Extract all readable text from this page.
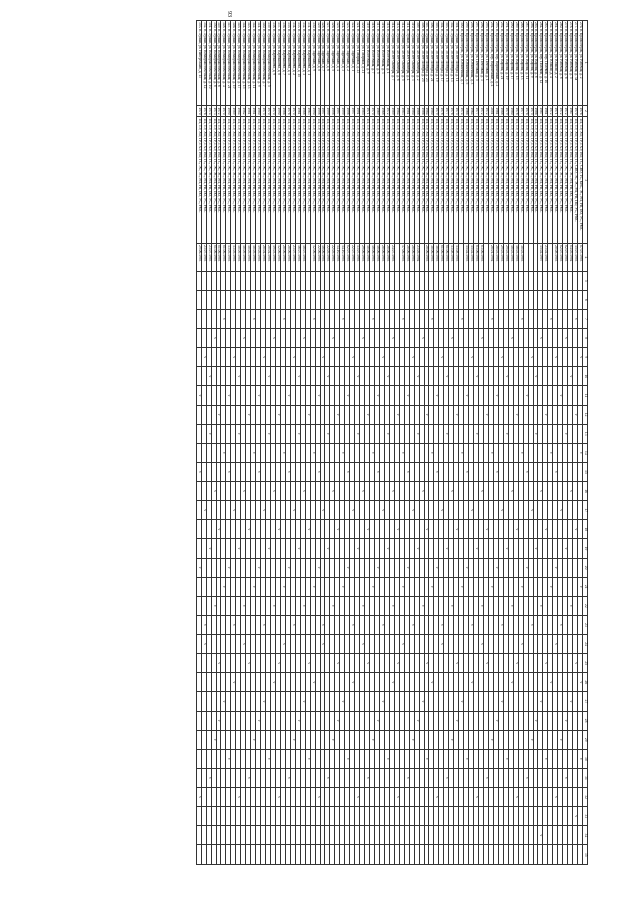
93
1	2	3	4	5	6	7	8	9	10	11	12	13	14	15	16	17	18	19	20	21	22	23	24	25	26	27	28	29	30	31	32	33	34	35
276. п. Краснозерск, ул. Рабочая, д. 2	1976	ТП, ТЭ, ХО, ГР, ГХЭ, ВО, ГС, СВО, ТС, КВС, ЭС, РП, РВ, ПО, УС, РМС	07.07.1993					v					v							v					v				v					
277. п. Краснозерск, ул. Рабочая, д. 3а	1970	ТП, ТЭ, ХО, ГР, ГХЭ, ВО, ГС, СВО, ЭС, ЭС, РП, РВ, ПО, УС, РМС	15.07.1993			v					v						v							v								v		
278. п. Краснозерск, ул. Рабочая, д. 5	1967	ТП, ТЭ, ХО, ГР, ГХЭ, ВО, ГС, ЭС, ЭС, РП, РВ, ПО, УС, РМС	04.05.1994						v						v						v					v								
279. п. Краснозерск, ул. Рабочая, д. 6	1972	ТП, ТЭ, ХО, ГР, ГХЭ, ВО, ГС, ЭС, ЭС, РП, РВ, ПО, УС, РМС	02.07.1993				v					v						v									v			v				
280. п. Краснозерск, ул. Рабочая, д. 8	1972	ТП, ТЭ, ХО, ГР, ГХЭ, ВО, ГС, ЭС, ЭС, РП, РВ, ПО, УС, РМС	02.07.1993							v						v						v						v						
281. п. Краснозерск, ул. Южная, д. 2	1971	ТП, ТЭ, ХО, ГР, ГХЭ, ВО, ГС, ЭС, ЭС, РП, РВ, ПО, УС, РМС	20.08.1993					v						v					v				v								v			
282. п. Краснозерск, ул. Южная, д. 4	1972	ТП, ТЭ, ХО, ГР, ГХЭ, ВО, ГС, ЭС, ЭС, РП, РВ, ПО, УС, РМС				v							v							v					v									
283. п. Краснозерск, пер. Полевой, д. 10	1981	ТП, ТЭ, ХО, ГР, ГХЭ, ВО, ГС, ЭС, ЭС, РП, РВ, ПО, УС, РМС	23.02.1993								v						v							v					v					
284. п. Краснозерск, пер. Полевой, д. 12	1987	ТП, ТЭ, ХО, ГР, ГХЭ, ВО, ГС, ЭС, ЭС, РП, РВ, ПО, УС, РМС	15.02.1997				v								v						v					v							v	
285. п. Краснозерск, ул. Кирова, д. 8	1986	ТП, ТЭ, ХО, ГР, ГХЭ, ВО, ГС, ЭС, ЭС, РП, РВ, ПО, УС, РМС							v			v						v									v							
286. п. Краснозерск, ул. Кирова, д. 9	1975	ТП, ТЭ, ХО, ГР, ГХЭ, ВО, ГС, ЭС, ЭС, РП, РВ, ПО, УС, РМС						v								v						v						v						
287. п. Краснозерск, ул. Кирова, д. 11	1976	ТП, ТЭ, ХО, ГР, ГХЭ, ВО, ГС, ЭС, ЭС, РП, РВ, ПО, УС, РМС								v				v					v											v				
288. п. Краснозерск, ул. Кирова, д. 13	1977	ТП, ТЭ, ХО, ГР, ГХЭ, ВО, ГС, ЭС, ЭС, РП, РВ, ПО, УС, РМС	30.03.1993			v							v							v			v											
289. п. Краснозерск, ул. Кирова, д. 15	1978	ТП, ТЭ, ХО, ГР, ГХЭ, ВО, ГС, ЭС, ЭС, РП, РВ, ПО, УС, РМС	18.03.1993								v						v							v							v			
290. п. Краснозерск, ул. Кирова, д. 17	1980	ТП, ТЭ, ХО, ГР, ГХЭ, ВО, ГС, ЭС, ЭС, РП, РВ, ПО, УС, РМС	18.03.1993				v								v						v				v									
291. п. Краснозерск, ул. Кирова, д. 19	1979	ТП, ТЭ, ХО, ГР, ГХЭ, ВО, ГС, ЭС, ЭС, РП, РВ, ПО, УС, РМС	29.03.1993						v			v						v											v					
292. п. Краснозерск, ул. Кирова, д. 21	1988	ТП, ТЭ, ХО, ГР, ГХЭ, ВО, ГС, ЭС, ЭС, РП, РВ, ПО, УС, РМС	29.03.1993					v								v						v				v								
293. п. Краснозерск, пер. Кирпичный, д. 2	1981	ТП, ТЭ, ХО, ГР, ГХЭ, ВО, ГС, ЭС, ЭС, РП, РВ, ПО, УС, РМС	20.03.1993							v				v					v								v							
294. п. Краснозерск, пер. Кирпичный, д. 4	2001	ТП, ТЭ, ХО, ГР, ГХЭ, ВО, ГС, ЭС, ЭС, РП, РВ, ПО, УС, РМС	28.01.1994			v							v							v								v						
295. п. Краснозерск, ул. Почтовая, д. 1	1972	ТП, ТЭ, ХО, ГР, ГХЭ, ВО, ГС, ЭС, ЭС, РП, РВ, ПО, УС, РМС									v						v							v						v				
296. п. Краснозерск, ул. Почтовая, д. 3	1972	ТП, ТЭ, ХО, ГР, ГХЭ, ВО, ГС, ЭС, ЭС, РП, РВ, ПО, УС, РМС	03.06.1993				v								v						v		v											
297. п. Краснозерск, ул. Почтовая, д. 5	1977	ТП, ТЭ, ХО, ГР, ГХЭ, ВО, ГС, ЭС, ЭС, РП, РВ, ПО, УС, РМС	03.06.1993						v			v						v													v			
298. п. Краснозерск, ул. Юбилейная, д. 3	1964	ТП, ТЭ, ХО, ГР, ГХЭ, ВО, ГС, ЭС, ЭС, РП, РВ, ПО, УС, РМС	15.02.1993					v								v						v			v									
299. п. Краснозерск, ул. Юбилейная, д. 5	1966	ТП, ТЭ, ХО, ГР, ГХЭ, ВО, ГС, ЭС, ЭС, РП, РВ, ПО, УС, РМС	15.02.1993							v				v					v										v					
300. п. Краснозерск, ул. Юбилейная, д. 7	1974	ТП, ТЭ, ХО, ГР, ГХЭ, ВО, ГС, ЭС, ЭС, РП, РВ, ПО, УС, РМС				v							v							v						v								
301. п. Лужки, ул. 30 лет Победы, д. 11	1975	ТП, ТЭ, ХО, ГР, ГХЭ, ВО, ГС, ЭС, ЭС, РП, РВ, ПО, УС, РМС	13.08.1993								v						v							v			v							
302. п. Лужки, ул. 30 лет Победы, д. 13	1976	ТП, ТЭ, ХО, ГР, ГХЭ, ВО, ГС, ЭС, ЭС, РП, РВ, ПО, УС, РМС	13.08.1993				v								v						v							v						
303. п. Лужки, ул. 30 лет Победы, д. 15	1977	ТП, ТЭ, ХО, ГР, ГХЭ, ВО, ГС, ЭС, ЭС, РП, РВ, ПО, УС, РМС	01.06.1993						v			v						v												v				
304. п. Лужки, ул. 30 лет Победы, д. 17	1978	ТП, ТЭ, ХО, ГР, ГХЭ, ВО, ГС, ЭС, ЭС, РП, РВ, ПО, УС, РМС	01.06.1993					v								v						v	v											
305. п. Лужки, ул. 30 лет Победы, д. 19	1979	ТП, ТЭ, ХО, ГР, ГХЭ, ВО, ГС, ЭС, ЭС, РП, РВ, ПО, УС, РМС	30.06.1993							v				v					v												v			
306. п. Лужки, ул. 30 лет Победы, д. 21	1980	ТП, ТЭ, ХО, ГР, ГХЭ, ВО, ГС, ЭС, ЭС, РП, РВ, ПО, УС, РМС	30.06.1993			v							v							v					v									
307. п. Лужки, ул. 30 лет Победы, д. 23	1984	ТП, ТЭ, ХО, ГР, ГХЭ, ВО, ГС, ЭС, ЭС, РП, РВ, ПО, УС, РМС	28.06.1993								v						v							v					v					
308. п. Лужки, ул. 30 лет Победы, д. 25	1986	ТП, ТЭ, ХО, ГР, ГХЭ, ВО, ГС, ЭС, ЭС, РП, РВ, ПО, УС, РМС					v								v						v					v								
309. п. Лужки, ул. 40 лет Октября, д. 2	1988	ТП, ТЭ, ХО, ГР, ГХЭ, ВО, ГС, ЭС, ЭС, РП, РВ, ПО, УС, РМС	23.05.1994						v			v						v									v							
310. п. Лужки, ул. 40 лет Октября, д. 3	1980	ТП, ТЭ, ХО, ГР, ГХЭ, ВО, ГС, ЭС, ЭС, РП, РВ, ПО, УС, РМС	20.06.1993					v								v						v						v						
311. п. Лужки, ул. 40 лет Октября, д. 4	1981	ТП, ТЭ, ХО, ГР, ГХЭ, ВО, ГС, ЭС, ЭС, РП, РВ, ПО, УС, РМС	20.06.1993							v				v					v											v				
312. п. Лужки, ул. 40 лет Октября, д. 5	1983	ТП, ТЭ, ХО, ГР, ГХЭ, ВО, ГС, ЭС, ЭС, РП, РВ, ПО, УС, РМС	17.06.1993			v							v							v			v											
313. п. Лужки, ул. 40 лет Октября, д. 6	1984	ТП, ТЭ, ХО, ГР, ГХЭ, ВО, ГС, ЭС, ЭС, РП, РВ, ПО, УС, РМС									v						v							v							v			
314. п. Лужки, ул. 40 лет Октября, д. 7	1989	ТП, ТЭ, ХО, ГР, ГХЭ, ВО, ГС, ЭС, ЭС, РП, РВ, ПО, УС, РМС	24.07.1993				v								v						v				v									
315. п. Лужки, ул. Восточная, д. 1	1972	ТП, ТЭ, ХО, ГР, ГХЭ, ВО, ГС, ЭС, ЭС, РП, РВ, ПО, УС, РМС	20.06.1993						v			v						v											v					
316. п. Лужки, ул. Восточная, д. 3	1968	ТП, ТЭ, ХО, ГР, ГХЭ, ВО, ГС, ЭС, ЭС, РП, РВ, ПО, УС, РМС	20.06.1993					v								v						v				v								
317. п. Лужки, ул. Восточная, д. 5	1969	ТП, ТЭ, ХО, ГР, ГХЭ, ВО, ГС, ЭС, ЭС, РП, РВ, ПО, УС, РМС	18.06.1993							v				v					v								v							
318. п. Лужки, ул. Восточная, д. 7	1970	ТП, ТЭ, ХО, ГР, ГХЭ, ВО, ГС, ЭС, ЭС, РП, РВ, ПО, УС, РМС	18.06.1993			v							v							v								v						
319. п. Лужки, ул. Восточная, д. 9	1971	ТП, ТЭ, ХО, ГР, ГХЭ, ВО, ГС, ЭС, ЭС, РП, РВ, ПО, УС, РМС	10.06.1993								v						v							v						v				
320. п. Лужки, ул. Гагарина, д. 21	1985	ТП, ТЭ, ХО, ГР, ГХЭ, ВО, ГС, ЭС, ЭС, РП, РВ, ПО, УС, РМС	29.06.1993				v								v						v		v											
321. п. Лужки, ул. Гагарина, д. 23	1991	ТП, ТЭ, ХО, ГР, ГХЭ, ВО, ГС, ЭС, ЭС, РП, РВ, ПО, УС, РМС	13.07.1993						v			v						v													v			
322. п. Лужки, ул. Заречная, д. 1	1997	ТП, ТЭ, ХО, ГР, ГХЭ, ВО, ГС, ЭС, ЭС, РП, РВ, ПО, УС, РМС	22.07.1993					v								v						v			v									
323. п. Лужки, ул. Заречная, д. 2	1998	ТП, ТЭ, ХО, ГР, ГХЭ, ВО, ГС, ЭС, ЭС, РП, РВ, ПО, УС, РМС	02.07.1993							v				v					v										v					
324. п. Лужки, ул. Заречная, д. 3	1999	ТП, ТЭ, ХО, ГР, ГХЭ, ВО, ГС, ЭС, ЭС, РП, РВ, ПО, УС, РМС	14.10.1993			v							v							v						v								
325. п. Лужки, ул. Заречная, д. 4	1997	ТП, ТЭ, ХО, ГР, ГХЭ, ВО, ГС, ЭС, ЭС, РП, РВ, ПО, УС, РМС	14.10.1993								v						v							v			v							
326. п. Лужки, ул. Заречная, д. 5	1998	ТП, ТЭ, ХО, ГР, ГХЭ, ВО, ГС, ЭС, ЭС, РП, РВ, ПО, УС, РМС	22.05.1993				v								v						v							v						
327. п. Лужки, ул. Заречная, д. 6	1999	ТП, ТЭ, ХО, ГР, ГХЭ, ВО, ГС, ЭС, ЭС, РП, РВ, ПО, УС, РМС	22.05.1993						v			v						v												v				
328. п. Лужки, ул. Заречная, д. 7	1997	ТП, ТЭ, ХО, ГР, ГХЭ, ВО, ГС, ЭС, ЭС, РП, РВ, ПО, УС, РМС	18.06.1993					v								v						v	v											
329. п. Лужки, ул. Заречная, д. 8	1998	ТП, ТЭ, ХО, ГР, ГХЭ, ВО, ГС, ЭС, ЭС, РП, РВ, ПО, УС, РМС	22.06.1993							v				v					v												v			
330. п. Лужки, ул. Заречная, д. 9	1990	ТП, ТЭ, ХО, ГР, ГХЭ, ВО, ГС, ЭС, ЭС, РП, РВ, ПО, УС, РМС	12.06.1993			v							v							v					v									
331. п. Лужки, ул. Карбышева, д. 1	1963	ТП, ТЭ, ХО, ГР, ГХЭ, ВО, ГС, ЭС, ЭС, РП, РВ, ПО, УС, РМС									v						v							v					v					
332. п. Лужки, ул. Карбышева, д. 3	1988	ТП, ТЭ, ХО, ГР, ГХЭ, ВО, ГС, ЭС, ЭС, РП, РВ, ПО, УС, РМС	18.07.1993				v								v						v					v								
333. п. Лужки, ул. Карбышева, д. 15	1961	ТП, ТЭ, ХО, ГР, ГХЭ, ВО, ГС, ЭС, ЭС, РП, РВ, ПО, УС, РМС	16.07.1993						v			v						v									v							
334. п. Лужки, ул. Карбышева, д. 2	1970	ТП, ТЭ, ХО, ГР, ГХЭ, ВО, ГС, ЭС, ЭС, РП, РВ, ПО, УС, РМС	23.07.1993					v								v						v						v						
335. п. Лужки, ул. Карбышева, д. 5	1976	ТП, ТЭ, ХО, ГР, ГХЭ, ВО, ГС, ЭС, ЭС, РП, РВ, ПО, УС, РМС	20.06.1993							v				v					v											v				
336. п. Лужки, ул. Карбышева, д. 7	1986	ТП, ТЭ, ХО, ГР, ГХЭ, ВО, ГС, ЭС, ЭС, РП, РВ, ПО, УС, РМС	20.06.1993			v							v							v			v											
337. п. Лужки, ул. Карбышева, д. 8	1990	ТП, ТЭ, ХО, ГР, ГХЭ, ВО, ГС, ЭС, ЭС, РП, РВ, ПО, УС, РМС	12.06.1993								v						v							v							v			
338. п. Лужки, ул. Карбышева, д. 9	1970	ТП, ТЭ, ХО, ГР, ГХЭ, ВО, ГС, ЭС, ЭС, РП, РВ, ПО, УС, РМС	19.03.1993				v								v						v				v									
339. п. Лужки, ул. Коммунистическая, д. 5	1970	ТП, ТЭ, ХО, ГР, ГХЭ, ВО, ГС, ЭС, ЭС, РП, РВ, ПО, УС, РМС	20.04.1993						v			v						v											v					
340. п. Лужки, ул. Коммунистическая, д. 7	1975	ТП, ТЭ, ХО, ГР, ГХЭ, ВО, ГС, ЭС, ЭС, РП, РВ, ПО, УС, РМС	20.04.1993					v								v						v				v								
341. п. Лужки, ул. Коммунистическая, д. 9	1980	ТП, ТЭ, ХО, ГР, ГХЭ, ВО, ГС, ЭС, ЭС, РП, РВ, ПО, УС, РМС	19.05.1993							v				v					v								v							
342. п. Лужки, ул. Коммунистическая, д. 11	1981	ТП, ТЭ, ХО, ГР, ГХЭ, ВО, ГС, ЭС, ЭС, РП, РВ, ПО, УС, РМС	10.05.1993			v							v							v								v						
343. п. Лужки, ул. Коммунистическая, д. 13	1981	ТП, ТЭ, ХО, ГР, ГХЭ, ВО, ГС, ЭС, ЭС, РП, РВ, ПО, УС, РМС	10.05.1993								v						v							v						v				
344. п. Лужки, ул. Коммунистическая, д. 15	1982	ТП, ТЭ, ХО, ГР, ГХЭ, ВО, ГС, ЭС, ЭС, РП, РВ, ПО, УС, РМС	10.09.1993				v								v						v		v											
345. п. Лужки, ул. Коммунистическая, д. 17	1984	ТП, ТЭ, ХО, ГР, ГХЭ, ВО, ГС, ЭС, ЭС, РП, РВ, ПО, УС, РМС	10.09.1993						v			v						v													v			
346. п. Лужки, ул. Коммунистическая, д. 19	1989	ТП, ТЭ, ХО, ГР, ГХЭ, ВО, ГС, ЭС, ЭС, РП, РВ, ПО, УС, РМС	13.05.1993					v								v						v			v									
347. п. Лужки, ул. Коммунистическая, д. 21	1990	ТП, ТЭ, ХО, ГР, ГХЭ, ВО, ГС, ЭС, ЭС, РП, РВ, ПО, УС, РМС	13.05.1993							v				v					v										v					
348. п. Лужки, ул. Коммунистическая, д. 4	1970	ТП, ТЭ, ХО, ГР, ГХЭ, ВО, ГС, ЭС, ЭС, РП, РВ, ПО, УС, РМС	01.06.1993			v							v							v						v								
349. п. Лужки, ул. Коммунистическая, д. 6	1972	ТП, ТЭ, ХО, ГР, ГХЭ, ВО, ГС, ЭС, ЭС, РП, РВ, ПО, УС, РМС	01.06.1993								v						v							v			v							
350. п. Лужки, ул. Коммунистическая, д. 8	1973	ТП, ТЭ, ХО, ГР, ГХЭ, ВО, ГС, ЭС, ЭС, РП, РВ, ПО, УС, РМС	01.06.1993				v								v						v							v						
351. п. Лужки, ул. Коммунистическая, д. 10	1974	ТП, ТЭ, ХО, ГР, ГХЭ, ВО, ГС, ЭС, ЭС, РП, РВ, ПО, УС, РМС	23.07.1993						v			v						v												v				
352. п. Лужки, ул. Коммунистическая, д. 12	1976	ТП, ТЭ, ХО, ГР, ГХЭ, ВО, ГС, ЭС, ЭС, РП, РВ, ПО, УС, РМС	23.07.1993					v								v						v	v											
353. п. Лужки, ул. Набережная, д. 13	1970	ТП, ТЭ, ХО, ГР, ГХЭ, ВО, ГС, ЭС, ЭС, РП, РВ, ПО, УС, РМС	29.06.1993							v				v					v												v			
